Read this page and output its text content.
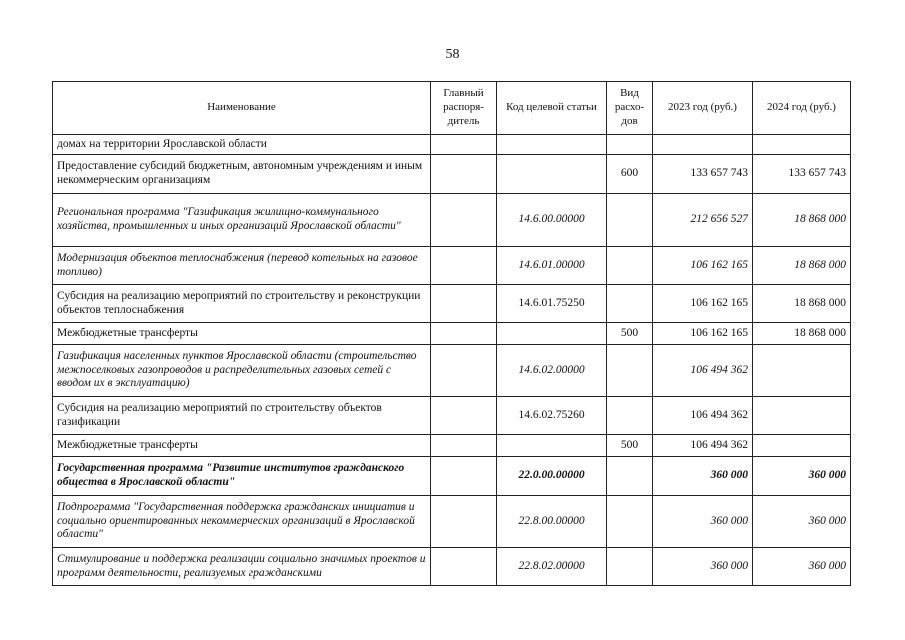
58
Наименование	Главный распоря- дитель	Код целевой статьи	Вид расхо- дов	2023 год (руб.)	2024 год (руб.)
домах на территории Ярославской области					
Предоставление субсидий бюджетным, автономным учреждениям и иным некоммерческим организациям			600	133 657 743	133 657 743
Региональная программа "Газификация жилищно-коммунального хозяйства, промышленных и иных организаций Ярославской области"		14.6.00.00000		212 656 527	18 868 000
Модернизация объектов теплоснабжения (перевод котельных на газовое топливо)		14.6.01.00000		106 162 165	18 868 000
Субсидия на реализацию мероприятий по строительству и реконструкции объектов теплоснабжения		14.6.01.75250		106 162 165	18 868 000
Межбюджетные трансферты			500	106 162 165	18 868 000
Газификация населенных пунктов Ярославской области (строительство межпоселковых газопроводов и распределительных газовых сетей с вводом их в эксплуатацию)		14.6.02.00000		106 494 362	
Субсидия на реализацию мероприятий по строительству объектов газификации		14.6.02.75260		106 494 362	
Межбюджетные трансферты			500	106 494 362	
Государственная программа "Развитие институтов гражданского общества в Ярославской области"		22.0.00.00000		360 000	360 000
Подпрограмма "Государственная поддержка гражданских инициатив и социально ориентированных некоммерческих организаций в Ярославской области"		22.8.00.00000		360 000	360 000
Стимулирование и поддержка реализации социально значимых проектов и программ деятельности, реализуемых гражданскими		22.8.02.00000		360 000	360 000
